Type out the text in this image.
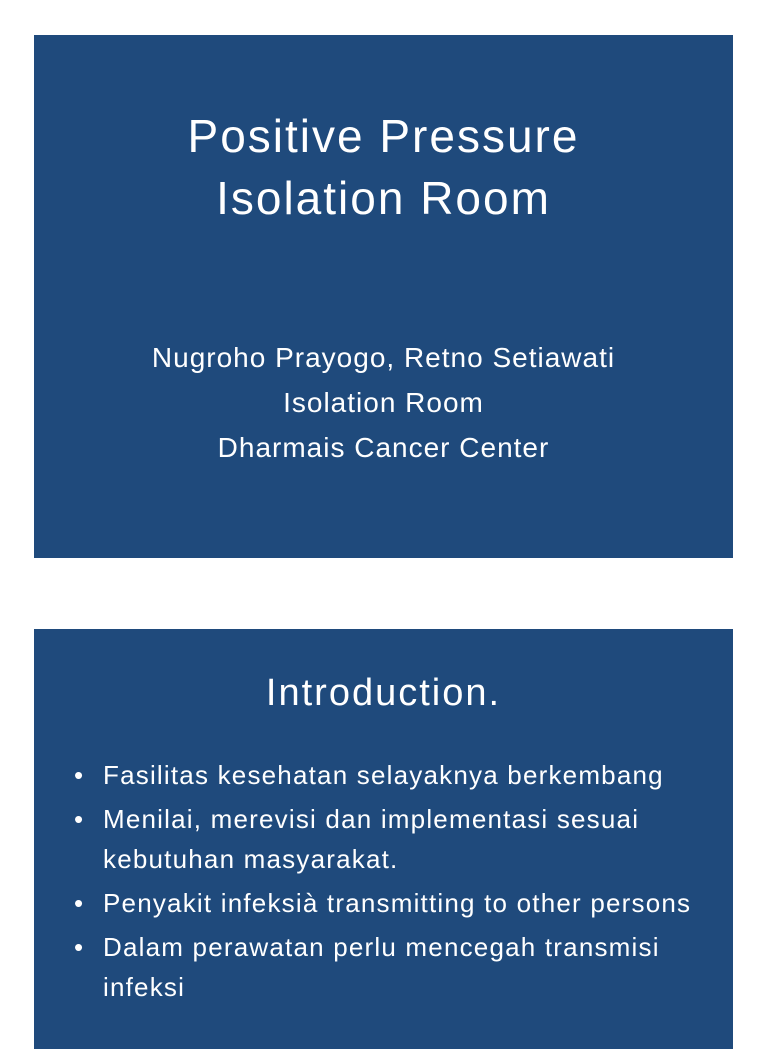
Positive Pressure
Isolation Room
Nugroho Prayogo, Retno Setiawati
Isolation Room
Dharmais Cancer Center
Introduction.
• Fasilitas kesehatan selayaknya berkembang
• Menilai, merevisi dan implementasi sesuai kebutuhan masyarakat.
• Penyakit infeksià transmitting to other persons
• Dalam perawatan perlu mencegah transmisi infeksi
